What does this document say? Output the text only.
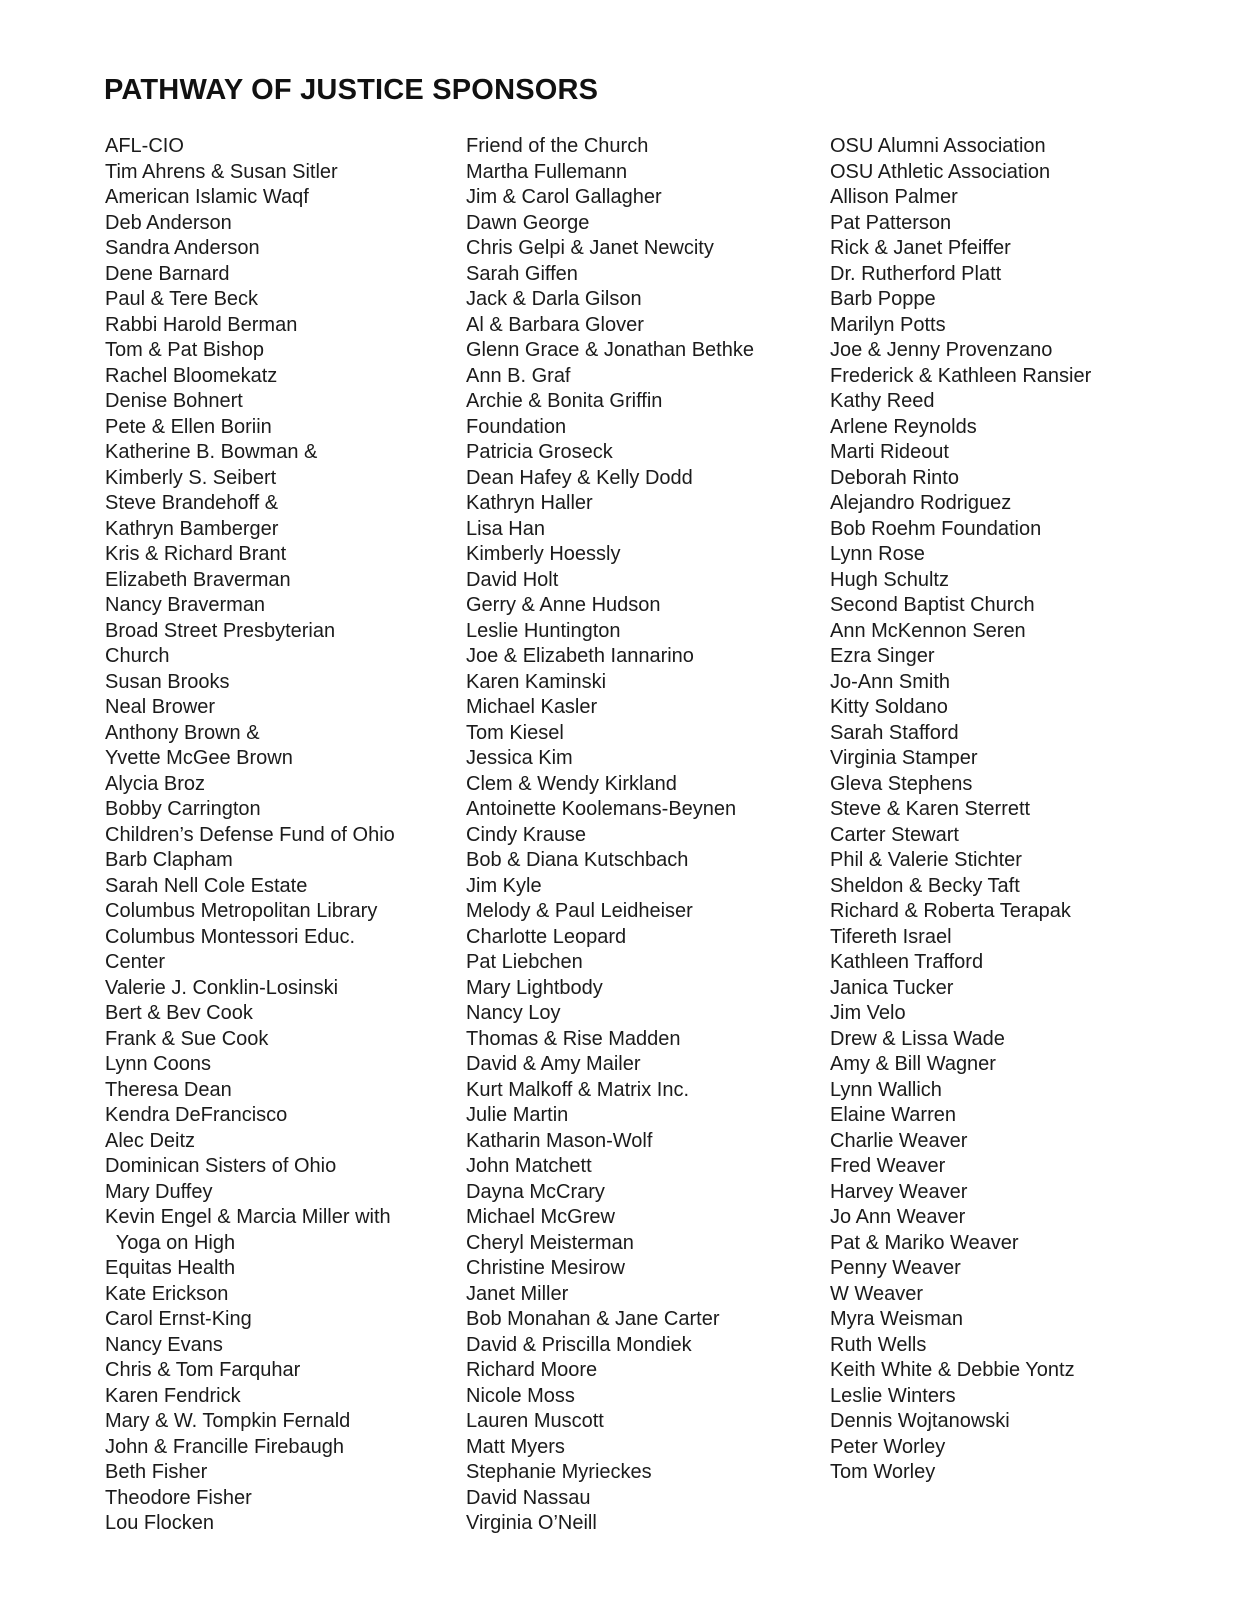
PATHWAY OF JUSTICE SPONSORS
AFL-CIO
Tim Ahrens & Susan Sitler
American Islamic Waqf
Deb Anderson
Sandra Anderson
Dene Barnard
Paul & Tere Beck
Rabbi Harold Berman
Tom & Pat Bishop
Rachel Bloomekatz
Denise Bohnert
Pete & Ellen Boriin
Katherine B. Bowman &
Kimberly S. Seibert
Steve Brandehoff &
Kathryn Bamberger
Kris & Richard Brant
Elizabeth Braverman
Nancy Braverman
Broad Street Presbyterian
Church
Susan Brooks
Neal Brower
Anthony Brown &
Yvette McGee Brown
Alycia Broz
Bobby Carrington
Children’s Defense Fund of Ohio
Barb Clapham
Sarah Nell Cole Estate
Columbus Metropolitan Library
Columbus Montessori Educ.
Center
Valerie J. Conklin-Losinski
Bert & Bev Cook
Frank & Sue Cook
Lynn Coons
Theresa Dean
Kendra DeFrancisco
Alec Deitz
Dominican Sisters of Ohio
Mary Duffey
Kevin Engel & Marcia Miller with
Yoga on High
Equitas Health
Kate Erickson
Carol Ernst-King
Nancy Evans
Chris & Tom Farquhar
Karen Fendrick
Mary & W. Tompkin Fernald
John & Francille Firebaugh
Beth Fisher
Theodore Fisher
Lou Flocken
Friend of the Church
Martha Fullemann
Jim & Carol Gallagher
Dawn George
Chris Gelpi & Janet Newcity
Sarah Giffen
Jack & Darla Gilson
Al & Barbara Glover
Glenn Grace & Jonathan Bethke
Ann B. Graf
Archie & Bonita Griffin
Foundation
Patricia Groseck
Dean Hafey & Kelly Dodd
Kathryn Haller
Lisa Han
Kimberly Hoessly
David Holt
Gerry & Anne Hudson
Leslie Huntington
Joe & Elizabeth Iannarino
Karen Kaminski
Michael Kasler
Tom Kiesel
Jessica Kim
Clem & Wendy Kirkland
Antoinette Koolemans-Beynen
Cindy Krause
Bob & Diana Kutschbach
Jim Kyle
Melody & Paul Leidheiser
Charlotte Leopard
Pat Liebchen
Mary Lightbody
Nancy Loy
Thomas & Rise Madden
David & Amy Mailer
Kurt Malkoff & Matrix Inc.
Julie Martin
Katharin Mason-Wolf
John Matchett
Dayna McCrary
Michael McGrew
Cheryl Meisterman
Christine Mesirow
Janet Miller
Bob Monahan & Jane Carter
David & Priscilla Mondiek
Richard Moore
Nicole Moss
Lauren Muscott
Matt Myers
Stephanie Myrieckes
David Nassau
Virginia O’Neill
OSU Alumni Association
OSU Athletic Association
Allison Palmer
Pat Patterson
Rick & Janet Pfeiffer
Dr. Rutherford Platt
Barb Poppe
Marilyn Potts
Joe & Jenny Provenzano
Frederick & Kathleen Ransier
Kathy Reed
Arlene Reynolds
Marti Rideout
Deborah Rinto
Alejandro Rodriguez
Bob Roehm Foundation
Lynn Rose
Hugh Schultz
Second Baptist Church
Ann McKennon Seren
Ezra Singer
Jo-Ann Smith
Kitty Soldano
Sarah Stafford
Virginia Stamper
Gleva Stephens
Steve & Karen Sterrett
Carter Stewart
Phil & Valerie Stichter
Sheldon & Becky Taft
Richard & Roberta Terapak
Tifereth Israel
Kathleen Trafford
Janica Tucker
Jim Velo
Drew & Lissa Wade
Amy & Bill Wagner
Lynn Wallich
Elaine Warren
Charlie Weaver
Fred Weaver
Harvey Weaver
Jo Ann Weaver
Pat & Mariko Weaver
Penny Weaver
W Weaver
Myra Weisman
Ruth Wells
Keith White & Debbie Yontz
Leslie Winters
Dennis Wojtanowski
Peter Worley
Tom Worley
